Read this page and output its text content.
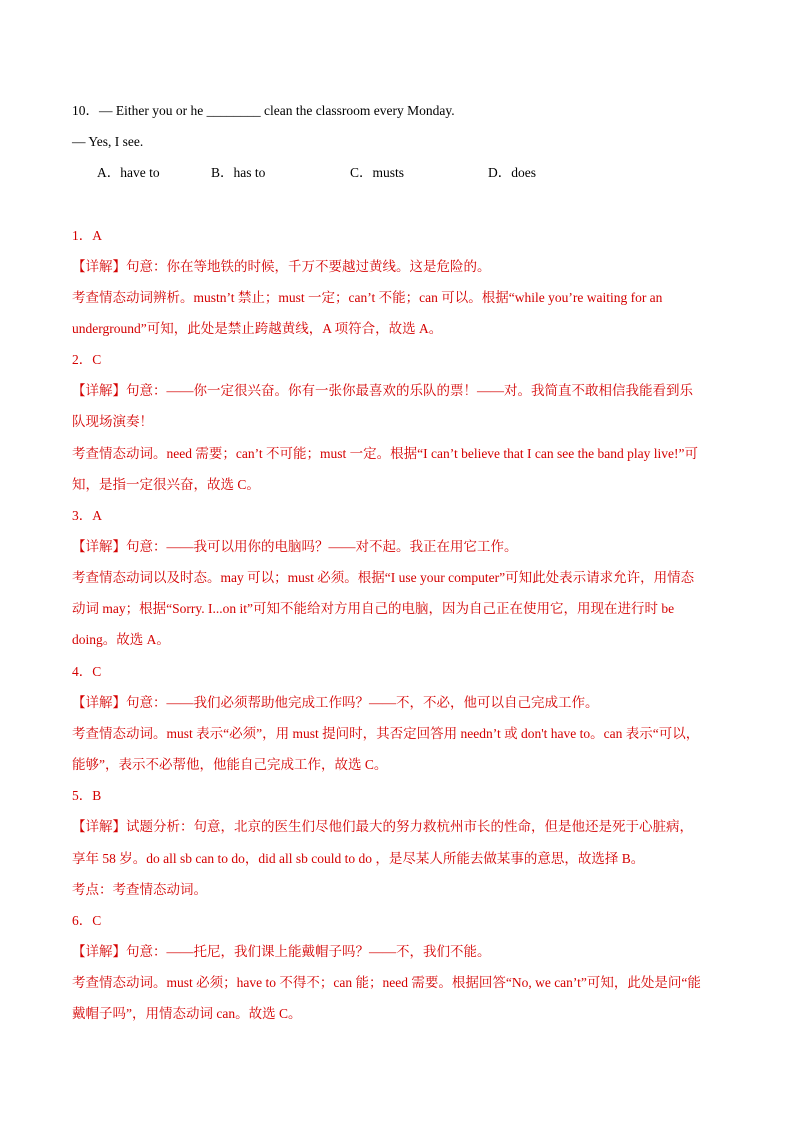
10．— Either you or he ________ clean the classroom every Monday.
— Yes, I see.
A．have to	B．has to	C．musts	D．does
1．A
【详解】句意：你在等地铁的时候，千万不要越过黄线。这是危险的。
考查情态动词辨析。mustn’t 禁止；must 一定；can’t 不能；can 可以。根据“while you’re waiting for an
underground”可知，此处是禁止跨越黄线，A 项符合，故选 A。
2．C
【详解】句意：——你一定很兴奋。你有一张你最喜欢的乐队的票！——对。我简直不敢相信我能看到乐
队现场演奏！
考查情态动词。need 需要；can’t 不可能；must 一定。根据“I can’t believe that I can see the band play live!”可
知，是指一定很兴奋，故选 C。
3．A
【详解】句意：——我可以用你的电脑吗？——对不起。我正在用它工作。
考查情态动词以及时态。may 可以；must 必须。根据“I use your computer”可知此处表示请求允许，用情态
动词 may；根据“Sorry. I...on it”可知不能给对方用自己的电脑，因为自己正在使用它，用现在进行时 be
doing。故选 A。
4．C
【详解】句意：——我们必须帮助他完成工作吗？——不，不必，他可以自己完成工作。
考查情态动词。must 表示“必须”，用 must 提问时，其否定回答用 needn’t 或 don't have to。can 表示“可以，
能够”，表示不必帮他，他能自己完成工作，故选 C。
5．B
【详解】试题分析：句意，北京的医生们尽他们最大的努力救杭州市长的性命，但是他还是死于心脏病，
享年 58 岁。do all sb can to do，did all sb could to do ，是尽某人所能去做某事的意思，故选择 B。
考点：考查情态动词。
6．C
【详解】句意：——托尼，我们课上能戴帽子吗？——不，我们不能。
考查情态动词。must 必须；have to 不得不；can 能；need 需要。根据回答“No, we can’t”可知，此处是问“能
戴帽子吗”，用情态动词 can。故选 C。
